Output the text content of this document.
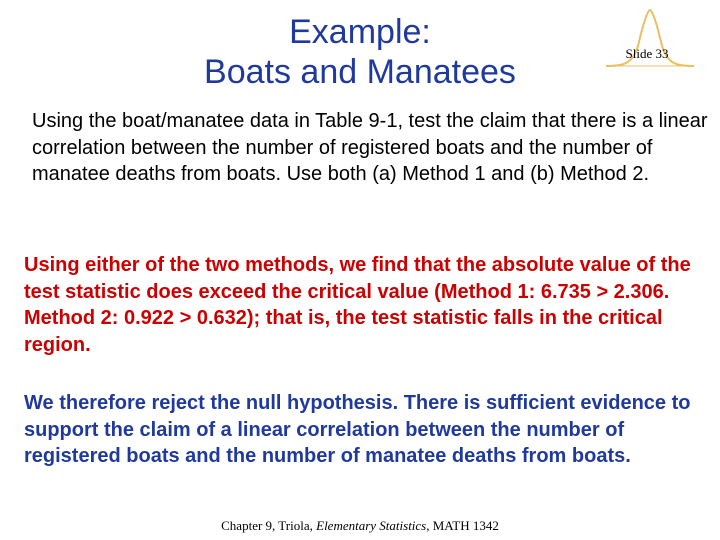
Example:
Boats and Manatees	Slide 33

Using the boat/manatee data in Table 9-1, test the claim that there is a linear correlation between the number of registered boats and the number of manatee deaths from boats. Use both (a) Method 1 and (b) Method 2.

Using either of the two methods, we find that the absolute value of the test statistic does exceed the critical value (Method 1: 6.735 > 2.306. Method 2: 0.922 > 0.632); that is, the test statistic falls in the critical region.

We therefore reject the null hypothesis. There is sufficient evidence to support the claim of a linear correlation between the number of registered boats and the number of manatee deaths from boats.

Chapter 9, Triola, Elementary Statistics, MATH 1342
